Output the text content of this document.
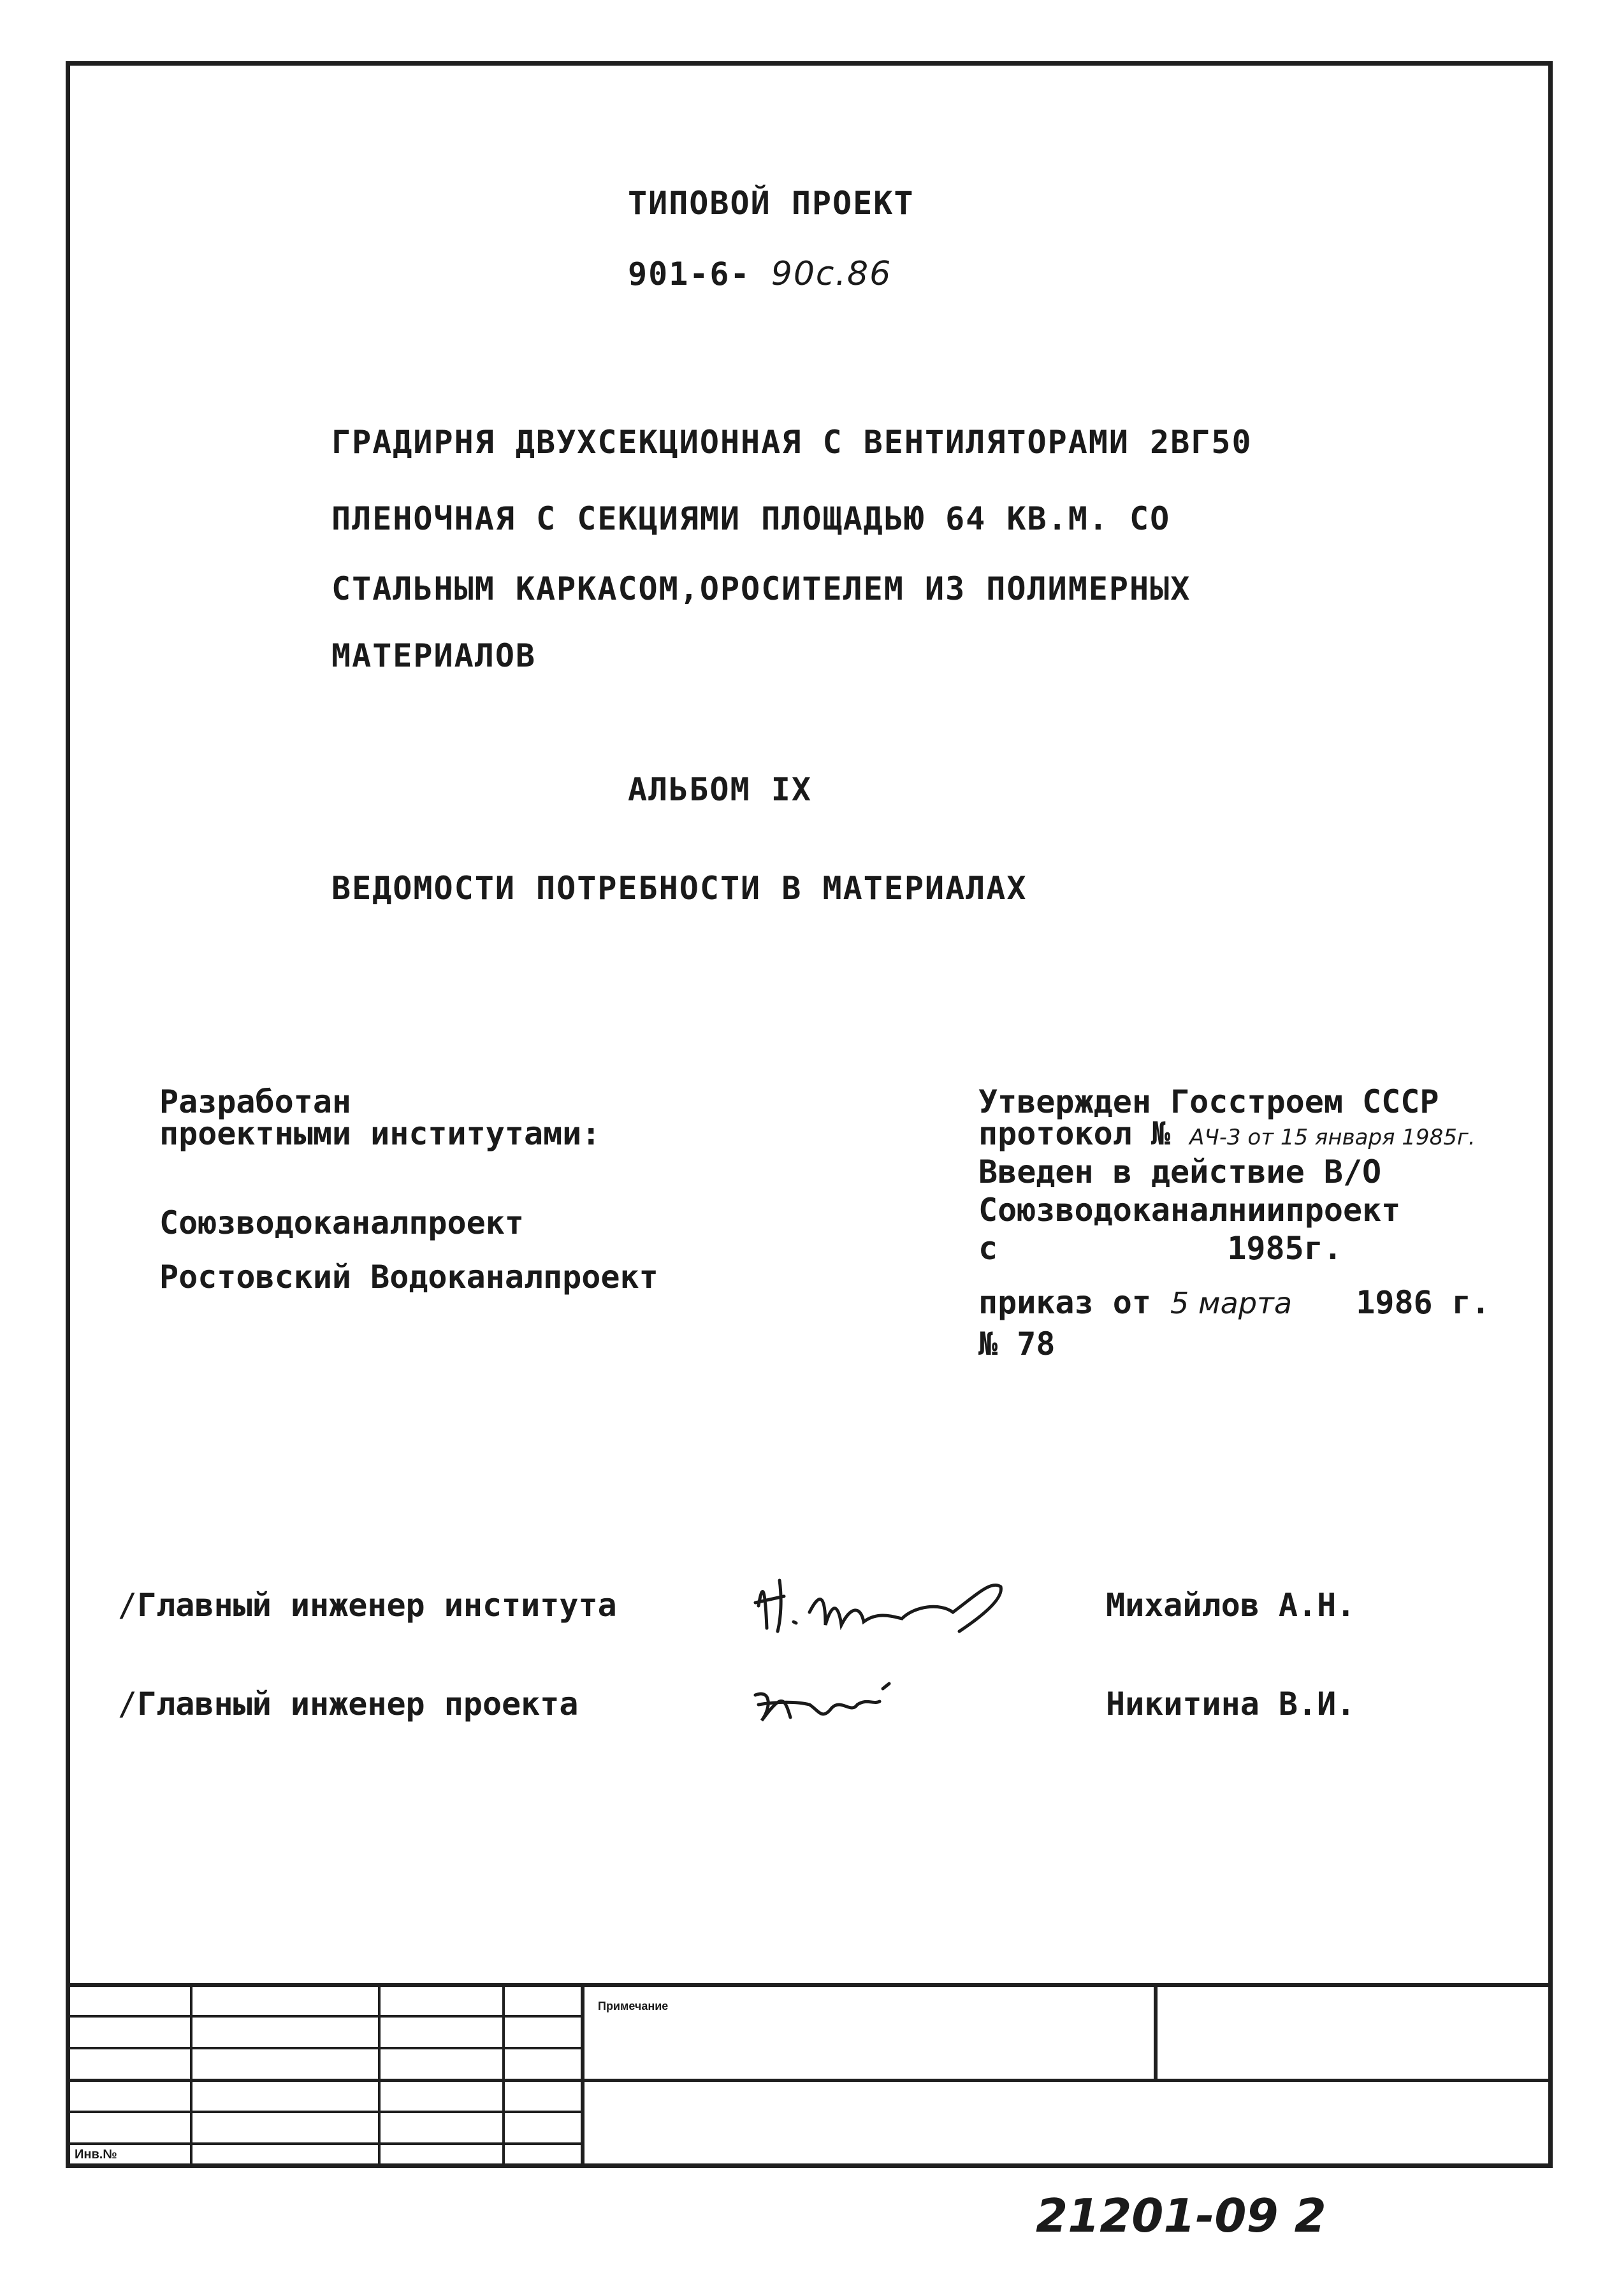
ТИПОВОЙ ПРОЕКТ
901-6- 90с.86
ГРАДИРНЯ ДВУХСЕКЦИОННАЯ С ВЕНТИЛЯТОРАМИ 2ВГ50
ПЛЕНОЧНАЯ С СЕКЦИЯМИ ПЛОЩАДЬЮ 64 КВ.М. СО
СТАЛЬНЫМ КАРКАСОМ,ОРОСИТЕЛЕМ ИЗ ПОЛИМЕРНЫХ
МАТЕРИАЛОВ
АЛЬБОМ IX
ВЕДОМОСТИ ПОТРЕБНОСТИ В МАТЕРИАЛАХ
Разработан
проектными институтами:
Союзводоканалпроект
Ростовский Водоканалпроект
Утвержден Госстроем СССР
протокол № АЧ-3 от 15 января 1985г.
Введен в действие В/О
Союзводоканалниипроект
с	1985г.
приказ от 5 марта 1986 г.
№ 78
/Главный инженер института	Михайлов А.Н.
/Главный инженер проекта	Никитина В.И.
Примечание
Инв.№
21201-09 2
